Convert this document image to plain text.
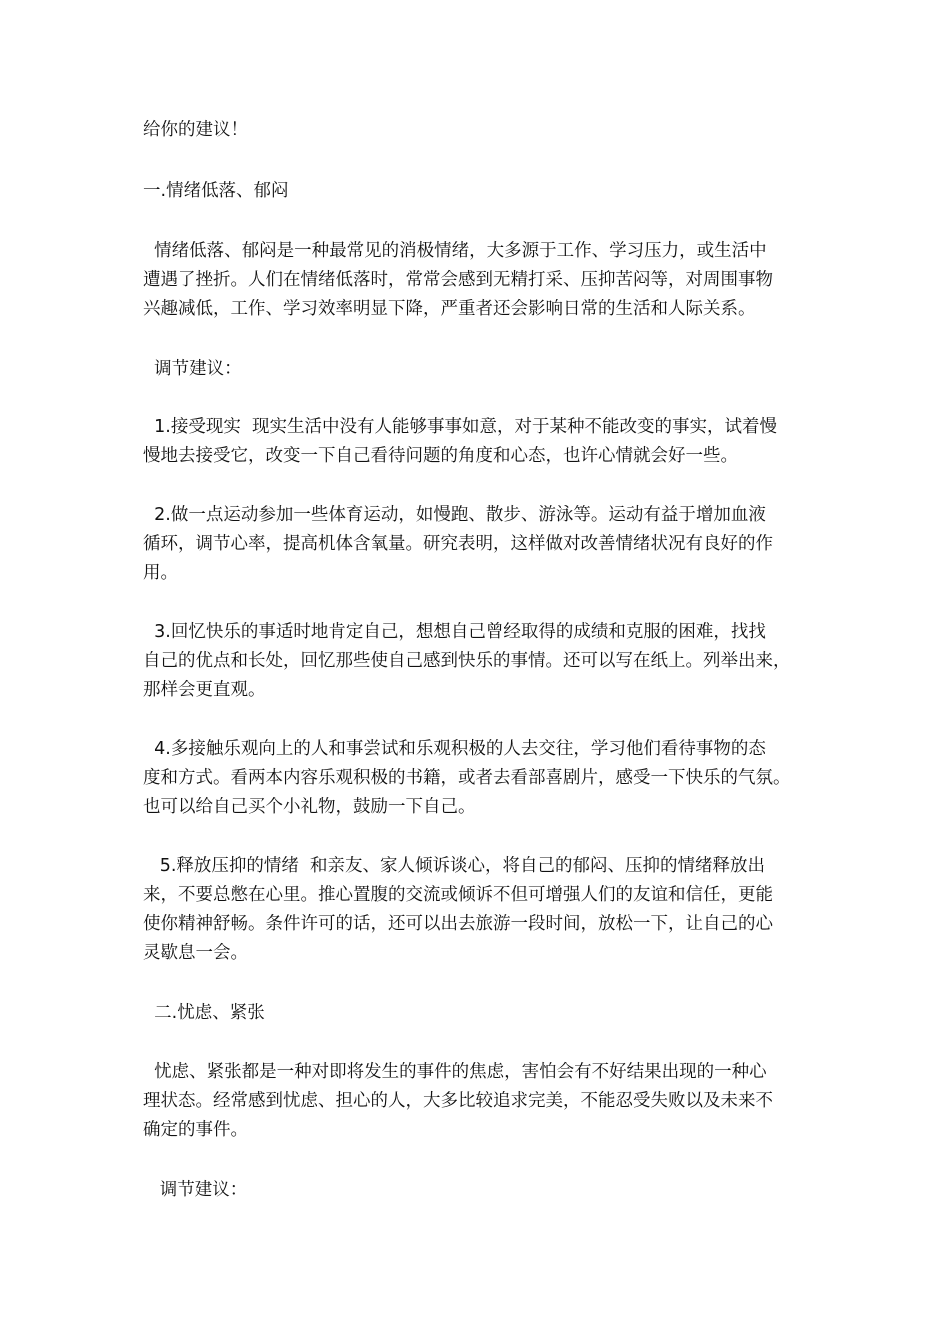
给你的建议！

一.情绪低落、郁闷

情绪低落、郁闷是一种最常见的消极情绪，大多源于工作、学习压力，或生活中
遭遇了挫折。人们在情绪低落时，常常会感到无精打采、压抑苦闷等，对周围事物
兴趣减低，工作、学习效率明显下降，严重者还会影响日常的生活和人际关系。

调节建议：

1.接受现实  现实生活中没有人能够事事如意，对于某种不能改变的事实，试着慢
慢地去接受它，改变一下自己看待问题的角度和心态，也许心情就会好一些。

2.做一点运动参加一些体育运动，如慢跑、散步、游泳等。运动有益于增加血液
循环，调节心率，提高机体含氧量。研究表明，这样做对改善情绪状况有良好的作
用。

3.回忆快乐的事适时地肯定自己，想想自己曾经取得的成绩和克服的困难，找找
自己的优点和长处，回忆那些使自己感到快乐的事情。还可以写在纸上。列举出来，
那样会更直观。

4.多接触乐观向上的人和事尝试和乐观积极的人去交往，学习他们看待事物的态
度和方式。看两本内容乐观积极的书籍，或者去看部喜剧片，感受一下快乐的气氛。
也可以给自己买个小礼物，鼓励一下自己。

5.释放压抑的情绪  和亲友、家人倾诉谈心，将自己的郁闷、压抑的情绪释放出
来，不要总憋在心里。推心置腹的交流或倾诉不但可增强人们的友谊和信任，更能
使你精神舒畅。条件许可的话，还可以出去旅游一段时间，放松一下，让自己的心
灵歇息一会。

二.忧虑、紧张

忧虑、紧张都是一种对即将发生的事件的焦虑，害怕会有不好结果出现的一种心
理状态。经常感到忧虑、担心的人，大多比较追求完美，不能忍受失败以及未来不
确定的事件。

调节建议：
